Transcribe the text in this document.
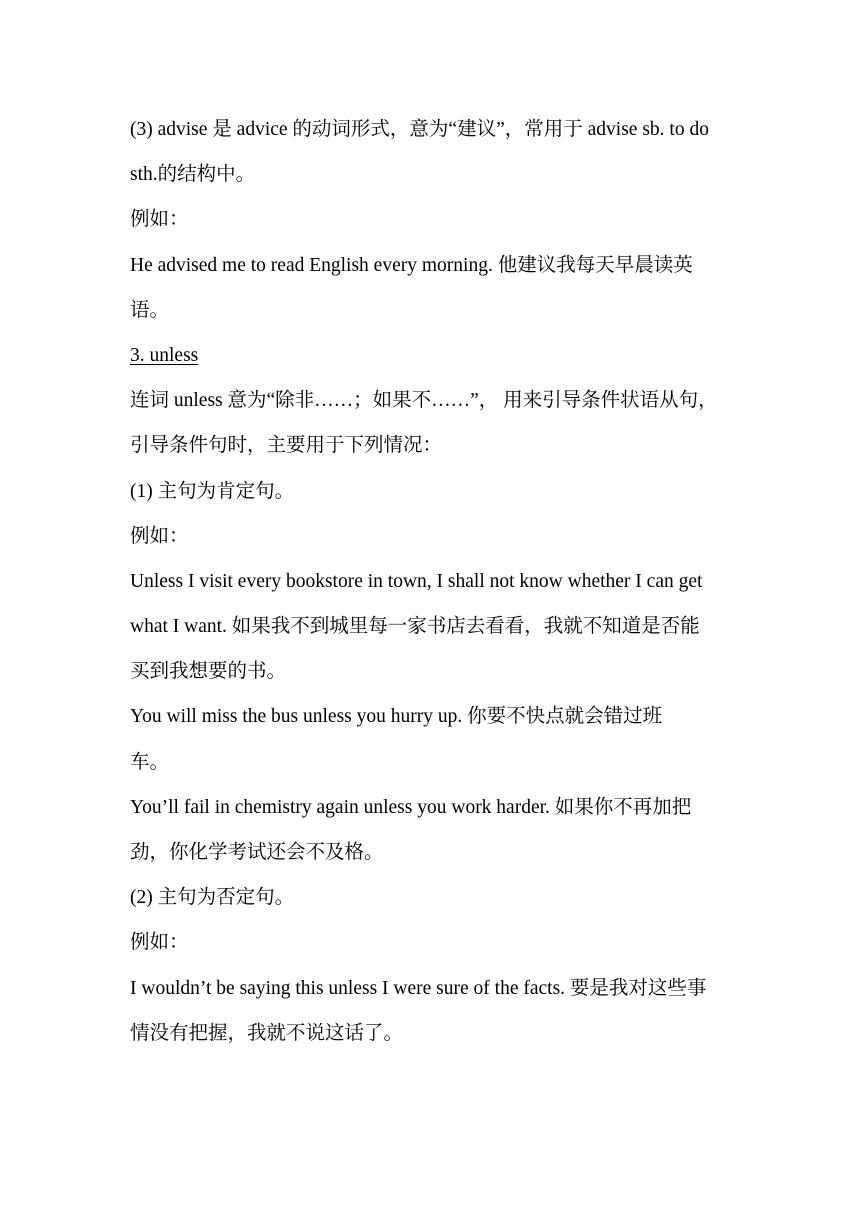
(3) advise 是 advice 的动词形式，意为“建议”，常用于 advise sb. to do
sth.的结构中。
例如：
He advised me to read English every morning. 他建议我每天早晨读英
语。
3. unless
连词 unless 意为“除非……；如果不……”， 用来引导条件状语从句，
引导条件句时，主要用于下列情况：
(1) 主句为肯定句。
例如：
Unless I visit every bookstore in town, I shall not know whether I can get
what I want. 如果我不到城里每一家书店去看看，我就不知道是否能
买到我想要的书。
You will miss the bus unless you hurry up. 你要不快点就会错过班
车。
You’ll fail in chemistry again unless you work harder. 如果你不再加把
劲，你化学考试还会不及格。
(2) 主句为否定句。
例如：
I wouldn’t be saying this unless I were sure of the facts. 要是我对这些事
情没有把握，我就不说这话了。
